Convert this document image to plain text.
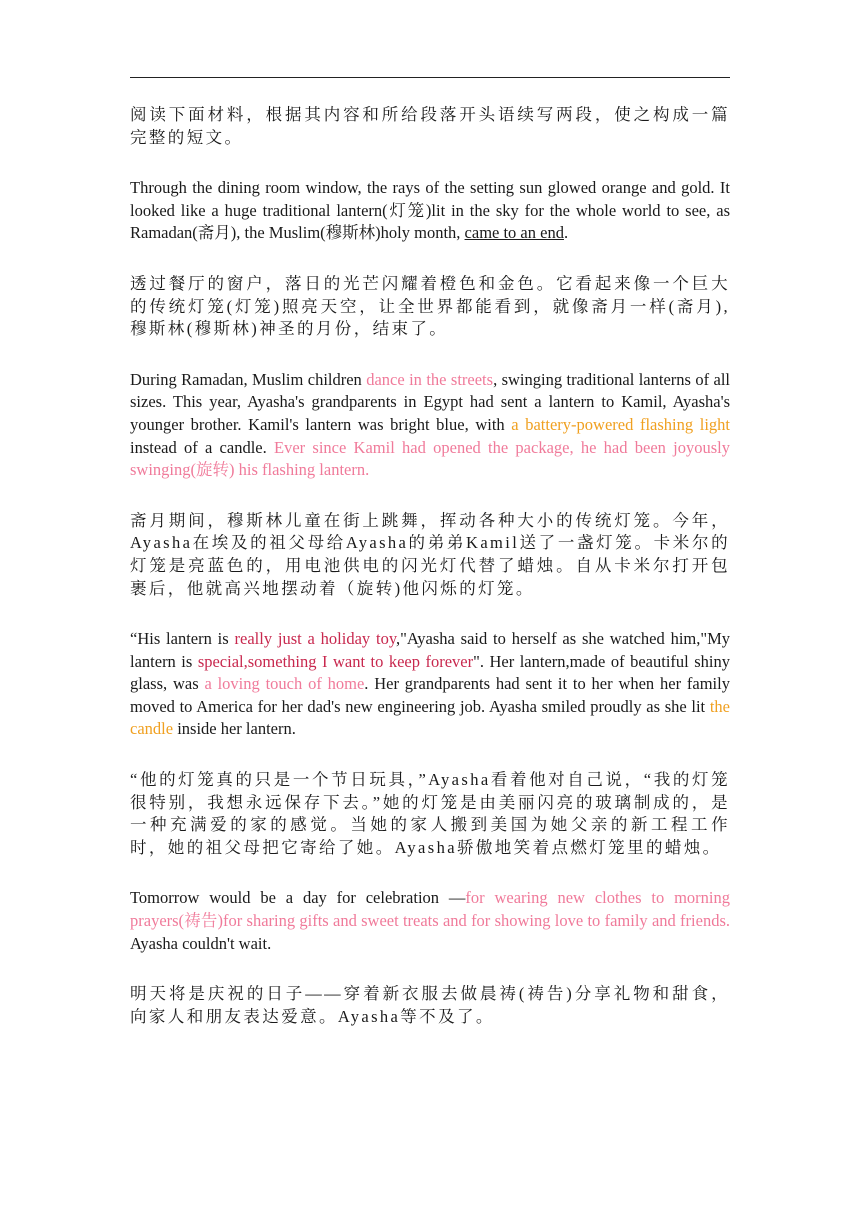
阅读下面材料，根据其内容和所给段落开头语续写两段，使之构成一篇完整的短文。

Through the dining room window, the rays of the setting sun glowed orange and gold. It looked like a huge traditional lantern(灯笼)lit in the sky for the whole world to see, as Ramadan(斋月), the Muslim(穆斯林)holy month, came to an end.

透过餐厅的窗户，落日的光芒闪耀着橙色和金色。它看起来像一个巨大的传统灯笼(灯笼)照亮天空，让全世界都能看到，就像斋月一样(斋月), 穆斯林(穆斯林)神圣的月份，结束了。

During Ramadan, Muslim children dance in the streets, swinging traditional lanterns of all sizes. This year, Ayasha's grandparents in Egypt had sent a lantern to Kamil, Ayasha's younger brother. Kamil's lantern was bright blue, with a battery-powered flashing light instead of a candle. Ever since Kamil had opened the package, he had been joyously swinging(旋转) his flashing lantern.

斋月期间，穆斯林儿童在街上跳舞，挥动各种大小的传统灯笼。今年，Ayasha在埃及的祖父母给Ayasha的弟弟Kamil送了一盏灯笼。卡米尔的灯笼是亮蓝色的，用电池供电的闪光灯代替了蜡烛。自从卡米尔打开包裹后，他就高兴地摆动着（旋转)他闪烁的灯笼。

“His lantern is really just a holiday toy,"Ayasha said to herself as she watched him,"My lantern is special,something I want to keep forever". Her lantern,made of beautiful shiny glass, was a loving touch of home. Her grandparents had sent it to her when her family moved to America for her dad's new engineering job. Ayasha smiled proudly as she lit the candle inside her lantern.

“他的灯笼真的只是一个节日玩具，”Ayasha看着他对自己说，“我的灯笼很特别，我想永远保存下去。”她的灯笼是由美丽闪亮的玻璃制成的，是一种充满爱的家的感觉。当她的家人搬到美国为她父亲的新工程工作时，她的祖父母把它寄给了她。Ayasha骄傲地笑着点燃灯笼里的蜡烛。

Tomorrow would be a day for celebration —for wearing new clothes to morning prayers(祷告)for sharing gifts and sweet treats and for showing love to family and friends. Ayasha couldn't wait.

明天将是庆祝的日子——穿着新衣服去做晨祷(祷告)分享礼物和甜食，向家人和朋友表达爱意。Ayasha等不及了。
